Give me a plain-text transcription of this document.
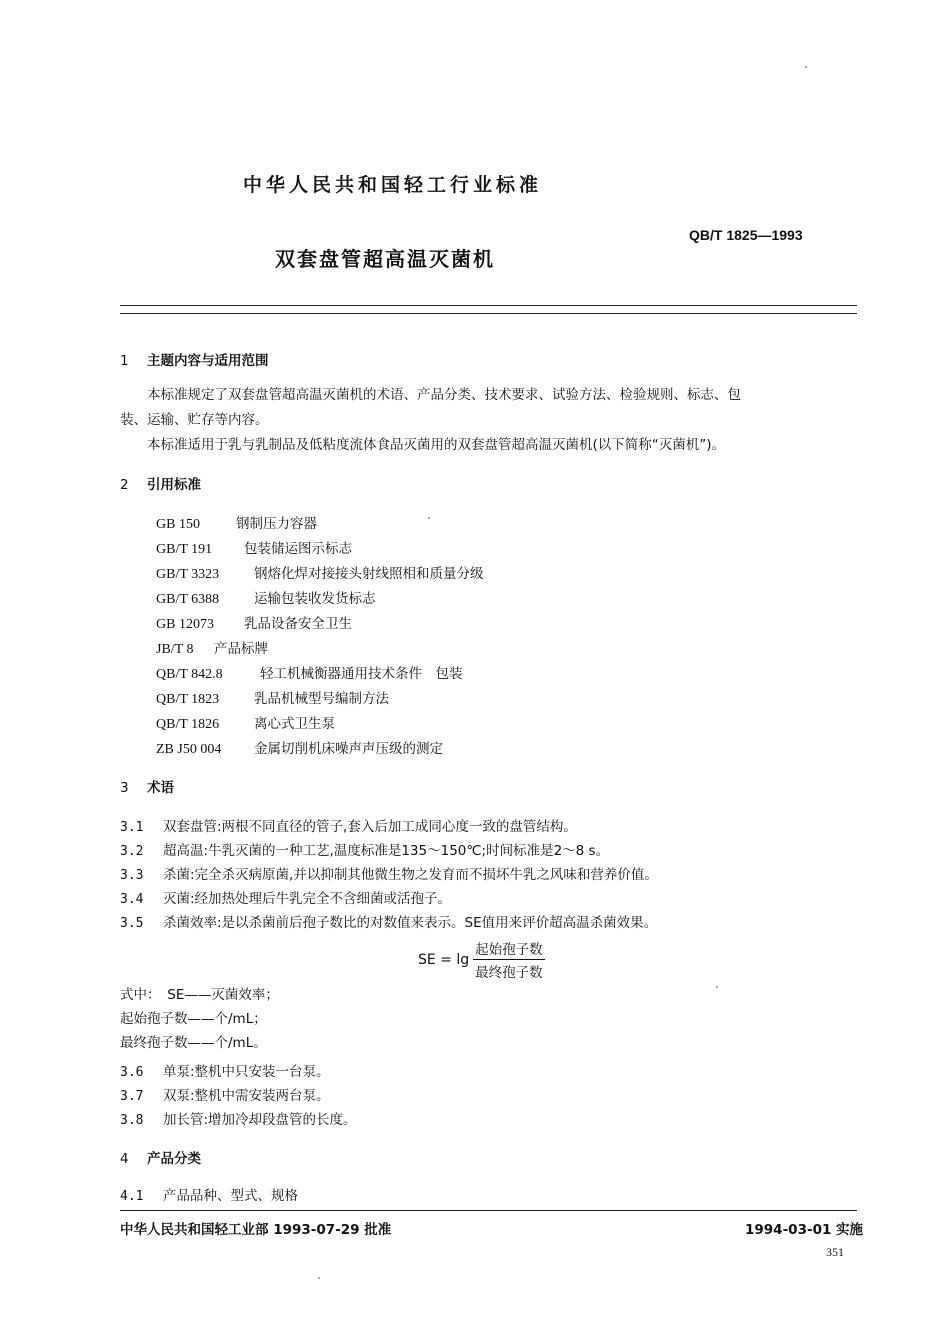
中华人民共和国轻工行业标准
QB/T 1825—1993
双套盘管超高温灭菌机
1 主题内容与适用范围
本标准规定了双套盘管超高温灭菌机的术语、产品分类、技术要求、试验方法、检验规则、标志、包
装、运输、贮存等内容。
本标准适用于乳与乳制品及低粘度流体食品灭菌用的双套盘管超高温灭菌机(以下简称“灭菌机”)。
2 引用标准
GB 150	钢制压力容器
GB/T 191 包装储运图示标志
GB/T 3323	钢熔化焊对接接头射线照相和质量分级
GB/T 6388	运输包装收发货标志
GB 12073 乳品设备安全卫生
JB/T 8 产品标牌
QB/T 842.8	轻工机械衡器通用技术条件　包装
QB/T 1823	乳品机械型号编制方法
QB/T 1826	离心式卫生泵
ZB J50 004 金属切削机床噪声声压级的测定
3 术语
3.1 双套盘管:两根不同直径的管子,套入后加工成同心度一致的盘管结构。
3.2 超高温:牛乳灭菌的一种工艺,温度标准是135～150℃;时间标准是2～8 s。
3.3 杀菌:完全杀灭病原菌,并以抑制其他微生物之发育而不损坏牛乳之风味和营养价值。
3.4 灭菌:经加热处理后牛乳完全不含细菌或活孢子。
3.5 杀菌效率:是以杀菌前后孢子数比的对数值来表示。SE值用来评价超高温杀菌效果。
SE = $\lg \frac{\text{起始孢子数}}{\text{最终孢子数}}$
式中：　SE——灭菌效率；
起始孢子数——个/mL；
最终孢子数——个/mL。
3.6 单泵:整机中只安装一台泵。
3.7 双泵:整机中需安装两台泵。
3.8 加长管:增加冷却段盘管的长度。
4 产品分类
4.1 产品品种、型式、规格
中华人民共和国轻工业部 1993-07-29 批准	1994-03-01 实施
351
